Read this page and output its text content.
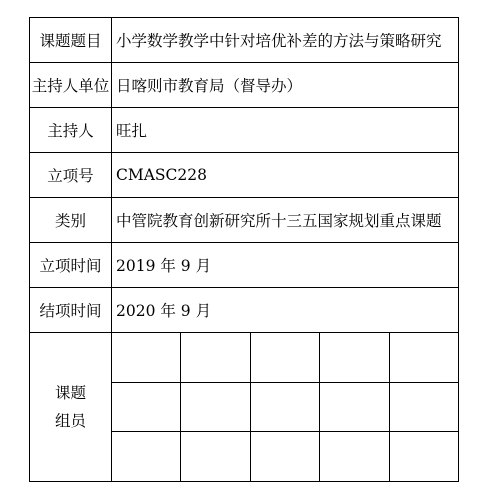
课题题目	小学数学教学中针对培优补差的方法与策略研究				
主持人单位	日喀则市教育局（督导办）				
主持人	旺扎				
立项号	CMASC228				
类别	中管院教育创新研究所十三五国家规划重点课题				
立项时间	2019 年 9 月				
结项时间	2020 年 9 月				

课题
组员					
